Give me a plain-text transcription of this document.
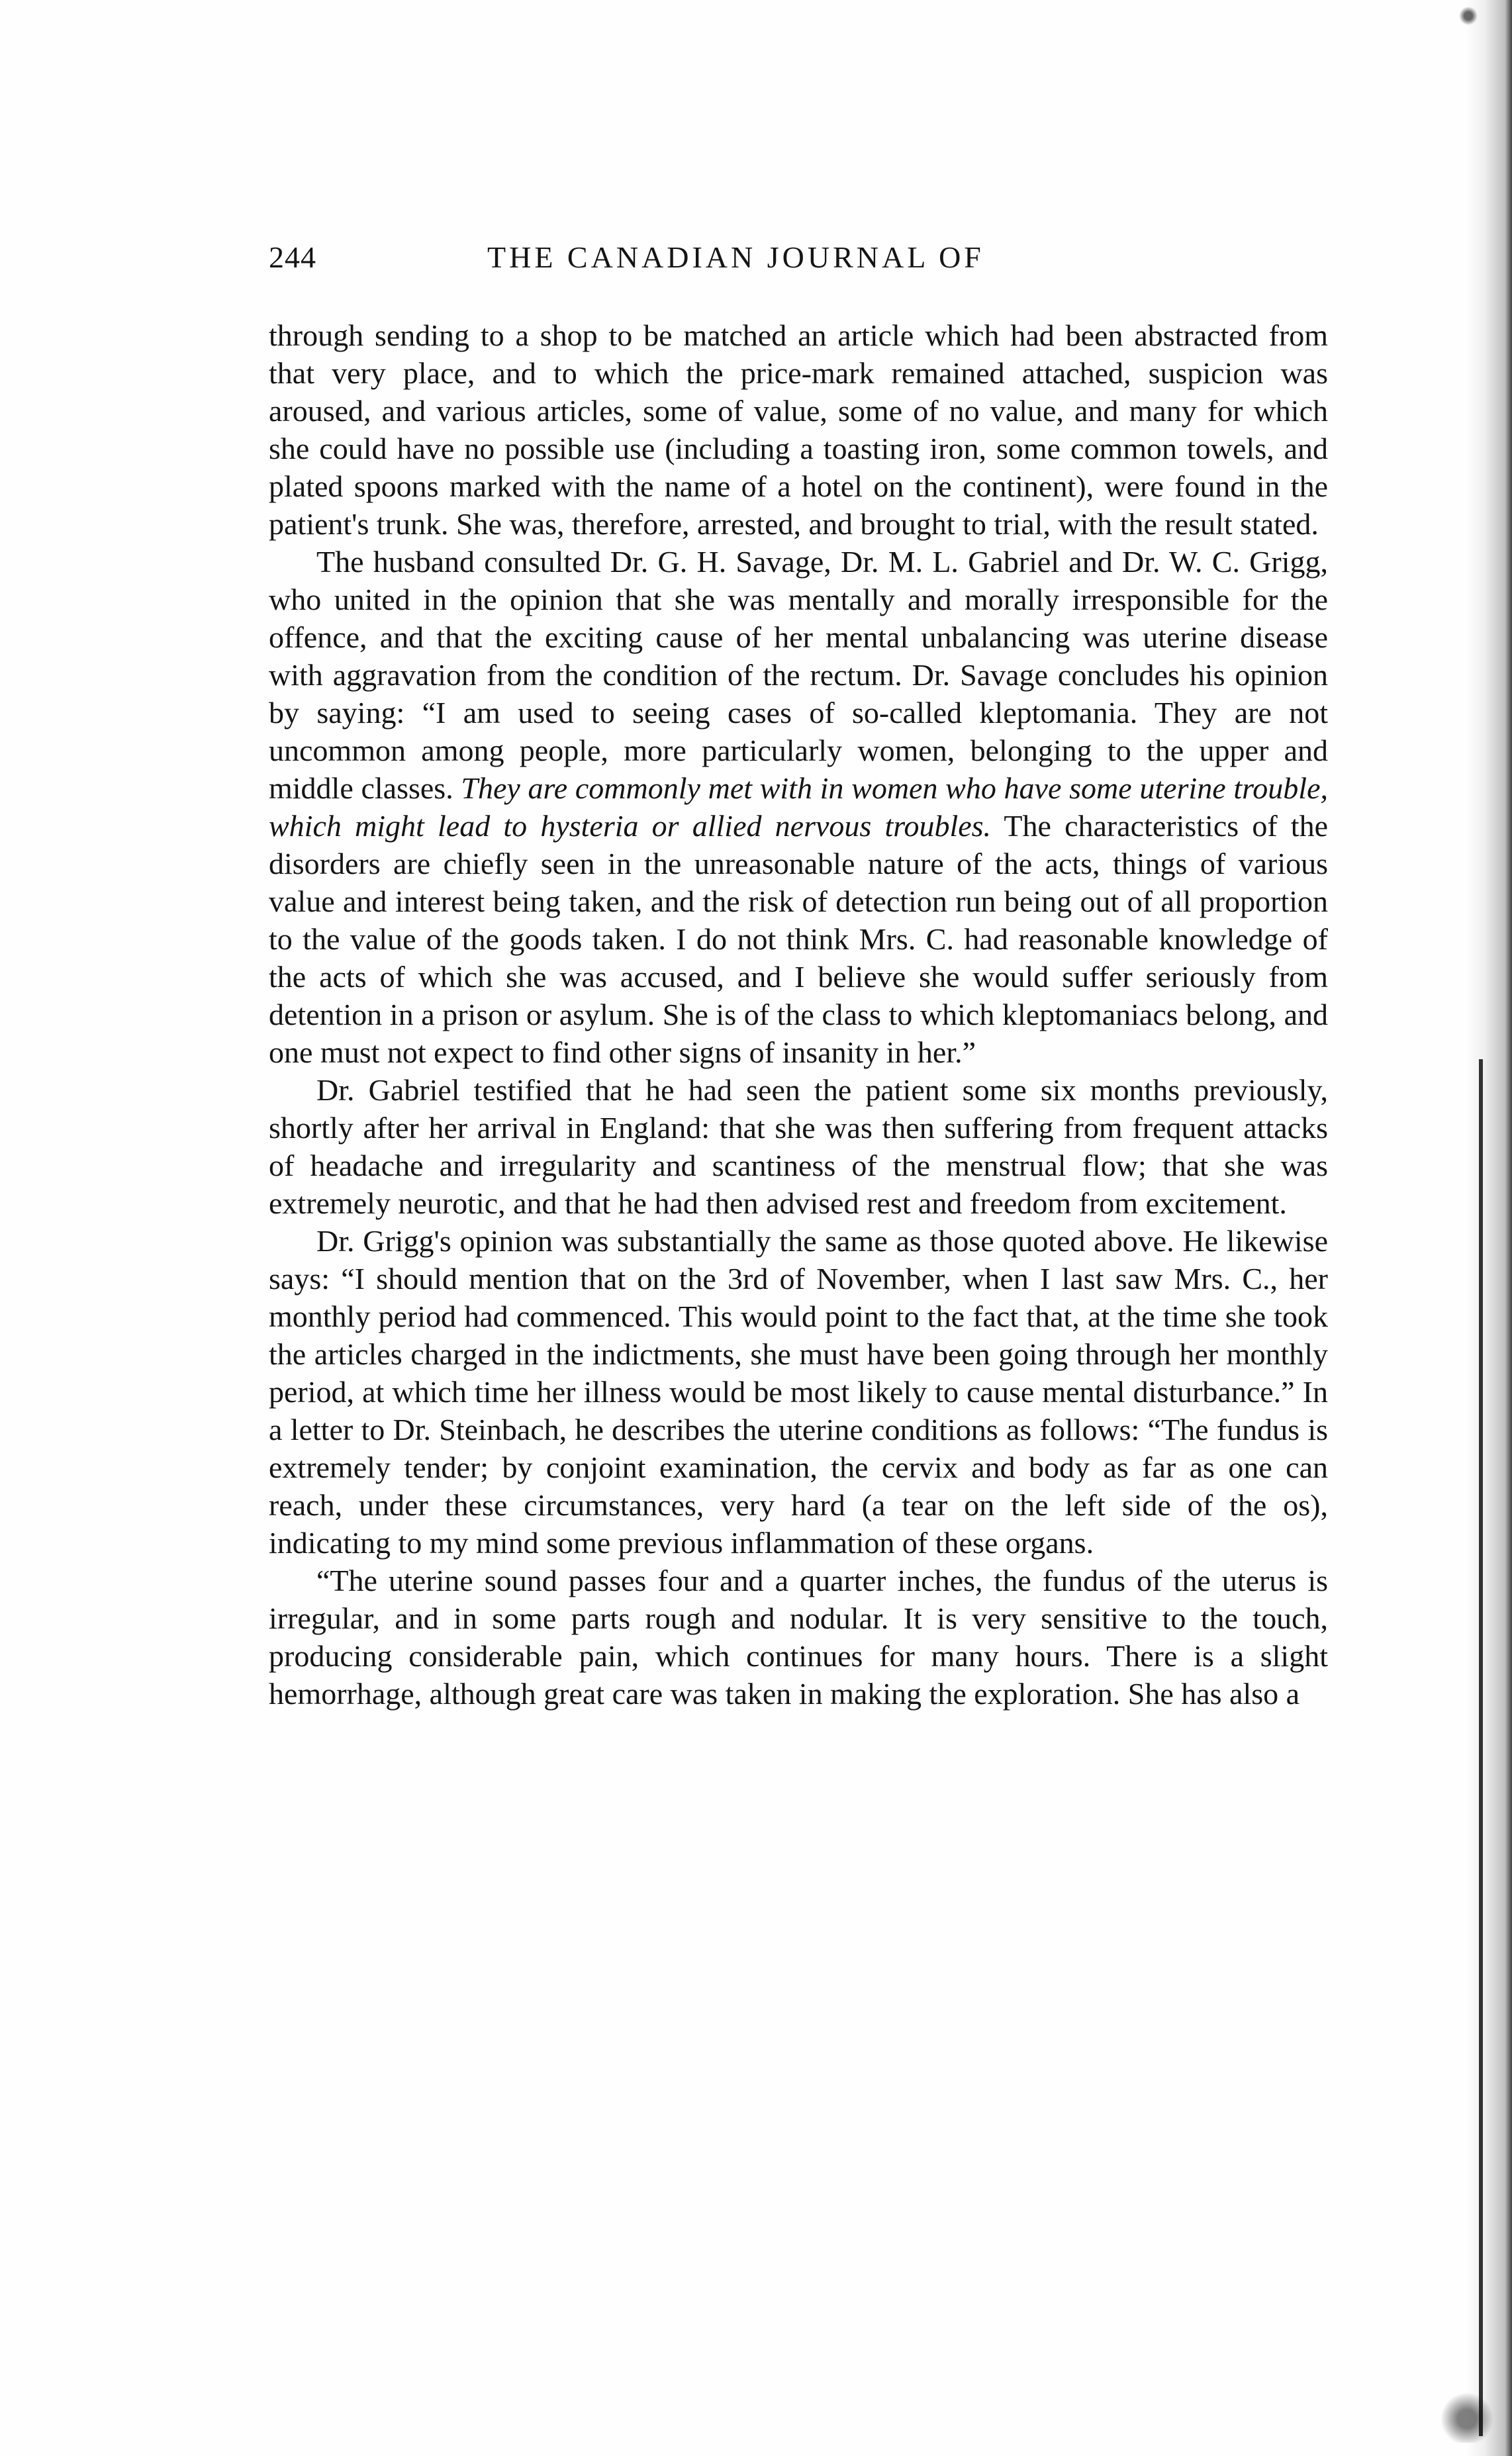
244	THE CANADIAN JOURNAL OF

through sending to a shop to be matched an article which had been abstracted from that very place, and to which the price-mark remained attached, suspicion was aroused, and various articles, some of value, some of no value, and many for which she could have no possible use (including a toasting iron, some common towels, and plated spoons marked with the name of a hotel on the continent), were found in the patient's trunk. She was, therefore, arrested, and brought to trial, with the result stated.

The husband consulted Dr. G. H. Savage, Dr. M. L. Gabriel and Dr. W. C. Grigg, who united in the opinion that she was mentally and morally irresponsible for the offence, and that the exciting cause of her mental unbalancing was uterine disease with aggravation from the condition of the rectum. Dr. Savage concludes his opinion by saying: “I am used to seeing cases of so-called kleptomania. They are not uncommon among people, more particularly women, belonging to the upper and middle classes. They are commonly met with in women who have some uterine trouble, which might lead to hysteria or allied nervous troubles. The characteristics of the disorders are chiefly seen in the unreasonable nature of the acts, things of various value and interest being taken, and the risk of detection run being out of all proportion to the value of the goods taken. I do not think Mrs. C. had reasonable knowledge of the acts of which she was accused, and I believe she would suffer seriously from detention in a prison or asylum. She is of the class to which kleptomaniacs belong, and one must not expect to find other signs of insanity in her.”

Dr. Gabriel testified that he had seen the patient some six months previously, shortly after her arrival in England: that she was then suffering from frequent attacks of headache and irregularity and scantiness of the menstrual flow; that she was extremely neurotic, and that he had then advised rest and freedom from excitement.

Dr. Grigg's opinion was substantially the same as those quoted above. He likewise says: “I should mention that on the 3rd of November, when I last saw Mrs. C., her monthly period had commenced. This would point to the fact that, at the time she took the articles charged in the indictments, she must have been going through her monthly period, at which time her illness would be most likely to cause mental disturbance.” In a letter to Dr. Steinbach, he describes the uterine conditions as follows: “The fundus is extremely tender; by conjoint examination, the cervix and body as far as one can reach, under these circumstances, very hard (a tear on the left side of the os), indicating to my mind some previous inflammation of these organs.

“The uterine sound passes four and a quarter inches, the fundus of the uterus is irregular, and in some parts rough and nodular. It is very sensitive to the touch, producing considerable pain, which continues for many hours. There is a slight hemorrhage, although great care was taken in making the exploration. She has also a
